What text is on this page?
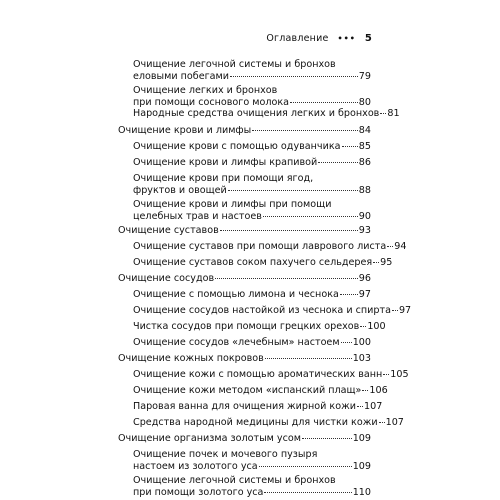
Оглавление ••• 5
Очищение легочной системы и бронхов
еловыми побегами	79
Очищение легких и бронхов
при помощи соснового молока	80
Народные средства очищения легких и бронхов 81
Очищение крови и лимфы	84
Очищение крови с помощью одуванчика 85
Очищение крови и лимфы крапивой	86
Очищение крови при помощи ягод,
фруктов и овощей	88
Очищение крови и лимфы при помощи
целебных трав и настоев	90
Очищение суставов	93
Очищение суставов при помощи лаврового листа 94
Очищение суставов соком пахучего сельдерея 95
Очищение сосудов	96
Очищение с помощью лимона и чеснока 97
Очищение сосудов настойкой из чеснока и спирта 97
Чистка сосудов при помощи грецких орехов 100
Очищение сосудов «лечебным» настоем 100
Очищение кожных покровов	103
Очищение кожи с помощью ароматических ванн 105
Очищение кожи методом «испанский плащ» 106
Паровая ванна для очищения жирной кожи 107
Средства народной медицины для чистки кожи 107
Очищение организма золотым усом	109
Очищение почек и мочевого пузыря
настоем из золотого уса	109
Очищение легочной системы и бронхов
при помощи золотого уса	110
